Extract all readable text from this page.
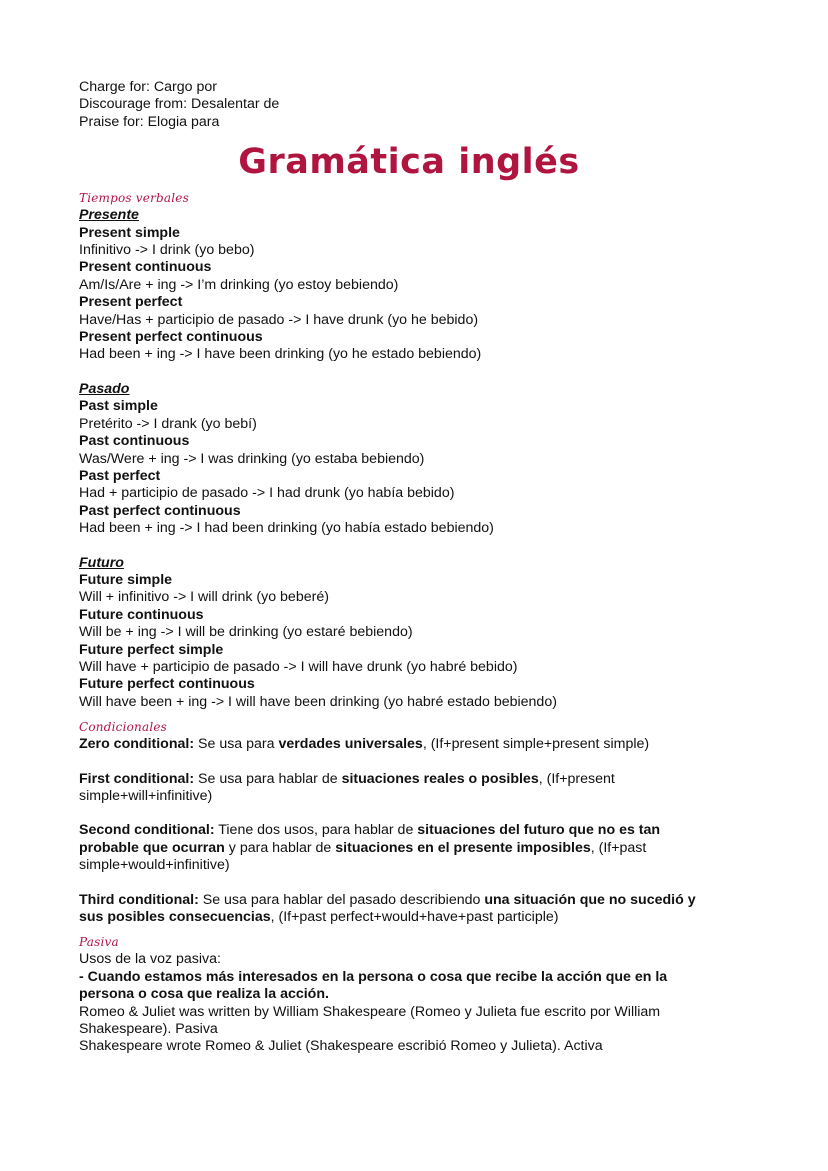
Charge for: Cargo por
Discourage from: Desalentar de
Praise for: Elogia para
Gramática inglés
Tiempos verbales
Presente
Present simple
Infinitivo -> I drink (yo bebo)
Present continuous
Am/Is/Are + ing -> I’m drinking (yo estoy bebiendo)
Present perfect
Have/Has + participio de pasado -> I have drunk (yo he bebido)
Present perfect continuous
Had been + ing -> I have been drinking (yo he estado bebiendo)
Pasado
Past simple
Pretérito -> I drank (yo bebí)
Past continuous
Was/Were + ing -> I was drinking (yo estaba bebiendo)
Past perfect
Had + participio de pasado -> I had drunk (yo había bebido)
Past perfect continuous
Had been + ing -> I had been drinking (yo había estado bebiendo)
Futuro
Future simple
Will + infinitivo -> I will drink (yo beberé)
Future continuous
Will be + ing -> I will be drinking (yo estaré bebiendo)
Future perfect simple
Will have + participio de pasado -> I will have drunk (yo habré bebido)
Future perfect continuous
Will have been + ing -> I will have been drinking (yo habré estado bebiendo)
Condicionales
Zero conditional: Se usa para verdades universales, (If+present simple+present simple)
First conditional: Se usa para hablar de situaciones reales o posibles, (If+present
simple+will+infinitive)
Second conditional: Tiene dos usos, para hablar de situaciones del futuro que no es tan
probable que ocurran y para hablar de situaciones en el presente imposibles, (If+past
simple+would+infinitive)
Third conditional: Se usa para hablar del pasado describiendo una situación que no sucedió y
sus posibles consecuencias, (If+past perfect+would+have+past participle)
Pasiva
Usos de la voz pasiva:
- Cuando estamos más interesados en la persona o cosa que recibe la acción que en la
persona o cosa que realiza la acción.
Romeo & Juliet was written by William Shakespeare (Romeo y Julieta fue escrito por William
Shakespeare). Pasiva
Shakespeare wrote Romeo & Juliet (Shakespeare escribió Romeo y Julieta). Activa
